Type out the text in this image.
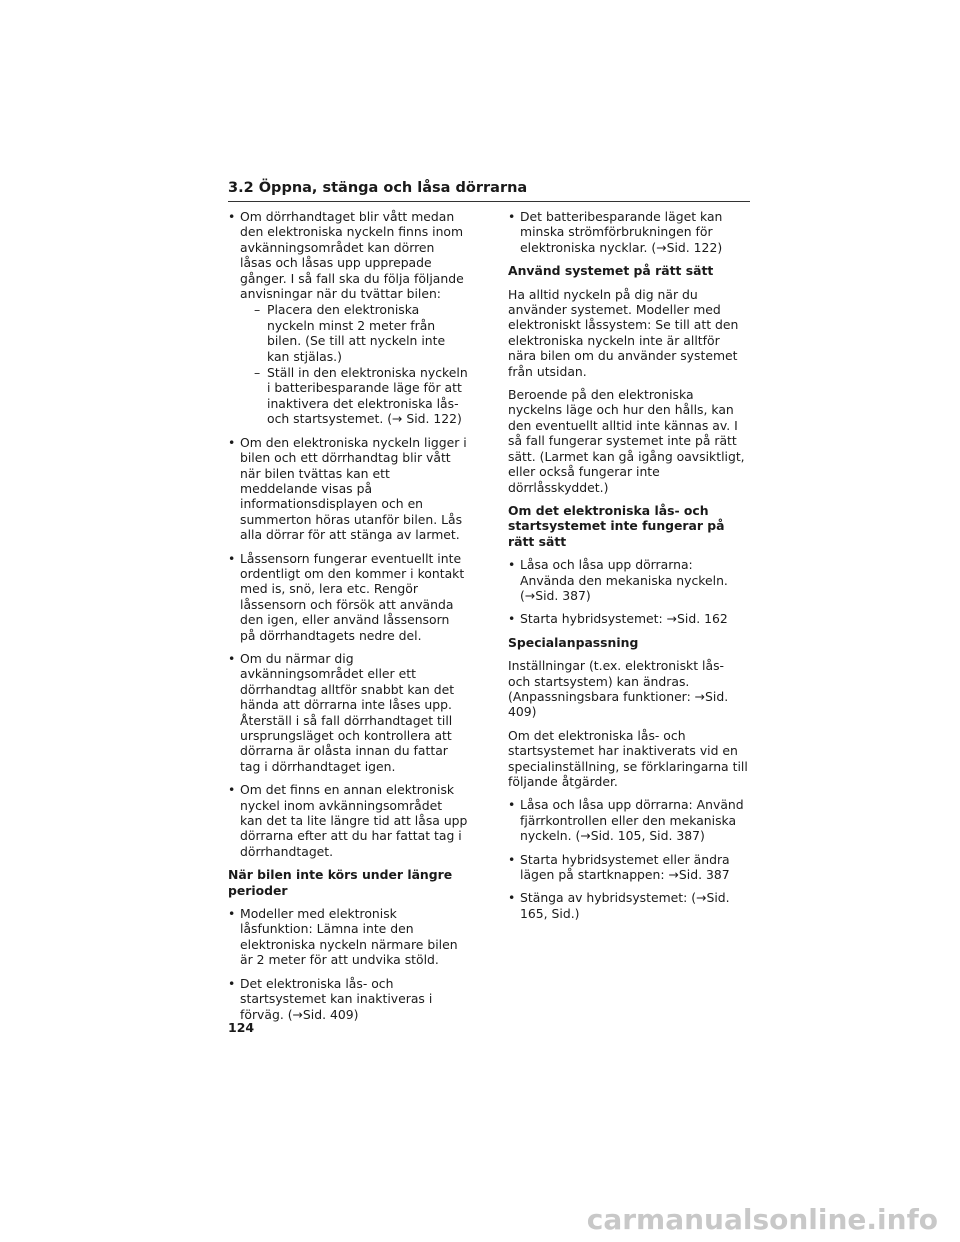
3.2 Öppna, stänga och låsa dörrarna
• Om dörrhandtaget blir vått medan den elektroniska nyckeln finns inom avkänningsområdet kan dörren låsas och låsas upp upprepade gånger. I så fall ska du följa följande anvisningar när du tvättar bilen:
– Placera den elektroniska nyckeln minst 2 meter från bilen. (Se till att nyckeln inte kan stjälas.)
– Ställ in den elektroniska nyckeln i batteribesparande läge för att inaktivera det elektroniska lås- och startsystemet. (→ Sid. 122)
• Om den elektroniska nyckeln ligger i bilen och ett dörrhandtag blir vått när bilen tvättas kan ett meddelande visas på informationsdisplayen och en summerton höras utanför bilen. Lås alla dörrar för att stänga av larmet.
• Låssensorn fungerar eventuellt inte ordentligt om den kommer i kontakt med is, snö, lera etc. Rengör låssensorn och försök att använda den igen, eller använd låssensorn på dörrhandtagets nedre del.
• Om du närmar dig avkänningsområdet eller ett dörrhandtag alltför snabbt kan det hända att dörrarna inte låses upp. Återställ i så fall dörrhandtaget till ursprungsläget och kontrollera att dörrarna är olåsta innan du fattar tag i dörrhandtaget igen.
• Om det finns en annan elektronisk nyckel inom avkänningsområdet kan det ta lite längre tid att låsa upp dörrarna efter att du har fattat tag i dörrhandtaget.
När bilen inte körs under längre perioder
• Modeller med elektronisk låsfunktion: Lämna inte den elektroniska nyckeln närmare bilen är 2 meter för att undvika stöld.
• Det elektroniska lås- och startsystemet kan inaktiveras i förväg. (→Sid. 409)
• Det batteribesparande läget kan minska strömförbrukningen för elektroniska nycklar. (→Sid. 122)
Använd systemet på rätt sätt
Ha alltid nyckeln på dig när du använder systemet. Modeller med elektroniskt låssystem: Se till att den elektroniska nyckeln inte är alltför nära bilen om du använder systemet från utsidan.
Beroende på den elektroniska nyckelns läge och hur den hålls, kan den eventuellt alltid inte kännas av. I så fall fungerar systemet inte på rätt sätt. (Larmet kan gå igång oavsiktligt, eller också fungerar inte dörrlåsskyddet.)
Om det elektroniska lås- och startsystemet inte fungerar på rätt sätt
• Låsa och låsa upp dörrarna: Använda den mekaniska nyckeln. (→Sid. 387)
• Starta hybridsystemet: →Sid. 162
Specialanpassning
Inställningar (t.ex. elektroniskt lås- och startsystem) kan ändras. (Anpassningsbara funktioner: →Sid. 409)
Om det elektroniska lås- och startsystemet har inaktiverats vid en specialinställning, se förklaringarna till följande åtgärder.
• Låsa och låsa upp dörrarna: Använd fjärrkontrollen eller den mekaniska nyckeln. (→Sid. 105, Sid. 387)
• Starta hybridsystemet eller ändra lägen på startknappen: →Sid. 387
• Stänga av hybridsystemet: (→Sid. 165, Sid.)
124
carmanualsonline.info
